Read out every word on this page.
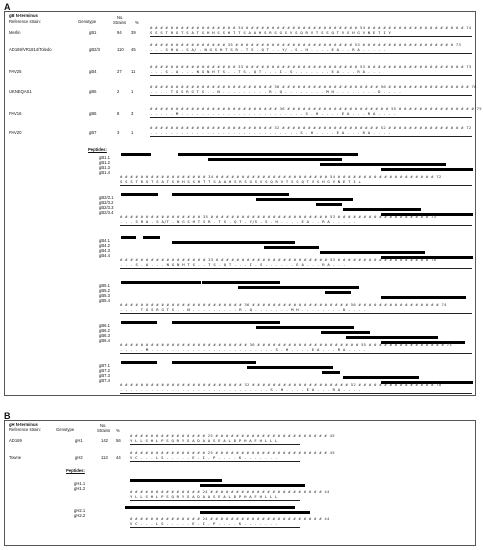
A
gB N-terminus
Reference strain:	Genotype
No.
Strains %
Merlin	gB1	94 39
# # # # # # # # # # # # # # # # # 34 # # # # # # # # # # # # # # # # # # # # # # 54 # # # # # # # # # # # # # # # # # # # 74
S S S T R G T S A T S H H S S H T T S A A H S R S G S V S Q R V T S S Q T V S H G V N E T I Y
AD169/VR1814/Toledo	gB2/3	110 45
# # # # # # # # # # # # # # # 35 # # # # # # # # # # # # # # # # # # # # # # # 53 # # # # # # # # # # # # # # # # # # 73
. . . S H A . S A/ . N G S H T S R . T S . Q T . . Y/ . S . H . . . . E A . . R A . . . . .
PAV25	gB4	27 11
# # # # # # # # # # # # # # # # # 33 # # # # # # # # # # # # # # # # # # # # # # 53 # # # # # # # # # # # # # # # # # # # 73
. . . S . A . . . N G N H T S . . T S . Q T . . . I . S . . . . . . . E A . . . R A . . .
UKNEQAS1	gB5	2	1
# # # # # # # # # # # # # # # # # # # # # # # # 36 # # # # # # # # # # # # # # # # # # # 56 # # # # # # # # # # # # # # # # 76
. . . . T G S R G T S . . N . . . . . . . . . R . Q . . . . . . . . M H . . . . . . . . D . . . .
PAV16	gB6	8	3
# # # # # # # # # # # # # # # # # # # # # # # # # 36 # # # # # # # # # # # # # # # # # # # # 55 # # # # # # # # # # # # # # # 75
. . . . . M . . . . . . . . . . . . . . . . . . . . . . . . S . H . . . . E A . . . R A . . . .
PAV20	gB7	3	1
# # # # # # # # # # # # # # # # # # # # # # # # 32 # # # # # # # # # # # # # # # # # # # 52 # # # # # # # # # # # # # # # 72
. . . . . . . . . . . . . . . . . . . . . . . . . . . . . S . H . . . . E A . . . R A . . . .
Peptides:
gB1.1
gB1.2
gB1.3
gB1.4
# # # # # # # # # # # # # # # # # 34 # # # # # # # # # # # # # # # # # # # # # # 54 # # # # # # # # # # # # # # # # # # # 72
S S S T R G T S A T S H H S S H T T S A A H S R S G S V S Q R V T S S Q T V S H G V N E T I +
gB2/3.1
gB2/3.2
gB2/3.3
gB2/3.4
# # # # # # # # # # # # # # # # 35 # # # # # # # # # # # # # # # # # # # # # # # 53 # # # # # # # # # # # # # # # # # # 73
. . . S H A . S A/T . N G S H T S R . T S . Q T . Y/S . S . H . . . . E A . . R A . . . . .
gB4.1
gB4.2
gB4.3
gB4.4
# # # # # # # # # # # # # # # # # 33 # # # # # # # # # # # # # # # # # # # # # # 53 # # # # # # # # # # # # # # # # # # 70
. . . S . A . . . N G N H T S . . T S . Q T . . . I . S . . . . . . E A . . . R A . . .
gB5.1
gB5.2
gB5.3
gB5.4
# # # # # # # # # # # # # # # # # # # # # # # # 36 # # # # # # # # # # # # # # # # # # # 56 # # # # # # # # # # # # # # # # 74
. . . . T G S R G T S . . N . . . . . . . . . R . Q . . . . . . . M H . . . . . . . . D . . . .
gB6.1
gB6.2
gB6.3
gB6.4
# # # # # # # # # # # # # # # # # # # # # # # # # 36 # # # # # # # # # # # # # # # # # # # # 55 # # # # # # # # # # # # # # # 73
. . . . . M . . . . . . . . . . . . . . . . . . . . . . . . S . H . . . . E A . . . R A . . . .
gB7.1
gB7.2
gB7.3
gB7.4
# # # # # # # # # # # # # # # # # # # # # # # # 32 # # # # # # # # # # # # # # # # # # # 52 # # # # # # # # # # # # # # # 70
. . . . . . . . . . . . . . . . . . . . . . . . . . . . . S . H . . . . E A . . . R A . . . .
B
gH N-terminus
Reference strain:	Genotype
No.
Strains %
AD169	gH1	142 56
# # # # # # # # # # # # # # # 25 # # # # # # # # # # # # # # # # # # # # # # 45
Y L L S H L P S Q R Y G A D A A S E A L D P H A F H L L L
Towne	gH2	113 44
# # # # # # # # # # # # # # # 25 # # # # # # # # # # # # # # # # # # # # # # 45
V C . . . L S . . . . . E . I . P . . . . K . . . . . . .
Peptides:
gH1.1
gH1.2
# # # # # # # # # # # # # # 24 # # # # # # # # # # # # # # # # # # # # # # 44
Y L L S H L P S Q R Y G A D A A S E A L D P H A F H L L L
gH2.1
gH2.2
# # # # # # # # # # # # # # 24 # # # # # # # # # # # # # # # # # # # # # # 44
V C . . . L S . . . . . E . I . P . . . . K . . . . . . .
